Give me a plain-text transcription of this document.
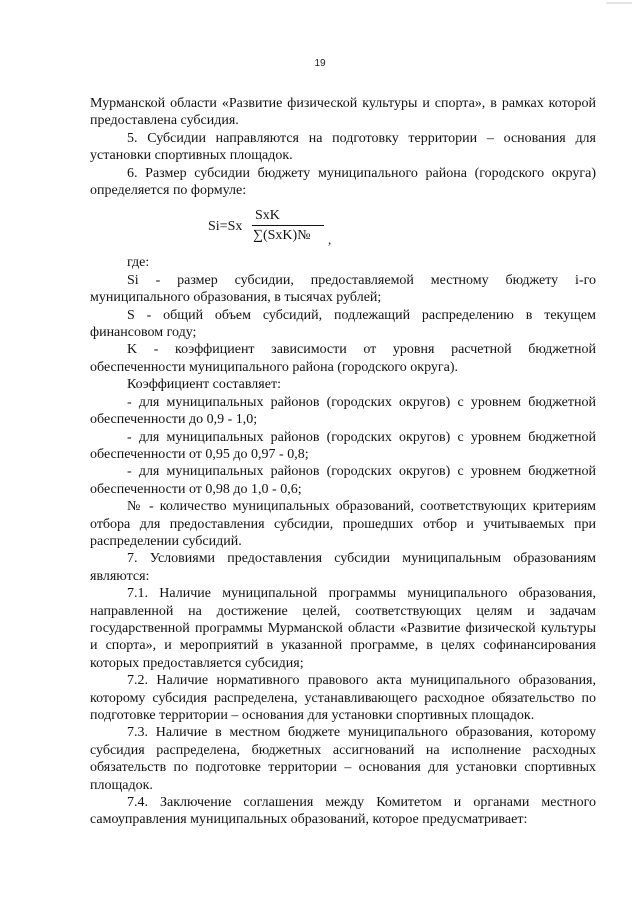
19

Мурманской области «Развитие физической культуры и спорта», в рамках которой предоставлена субсидия.

5. Субсидии направляются на подготовку территории – основания для установки спортивных площадок.

6. Размер субсидии бюджету муниципального района (городского округа) определяется по формуле:

Si=Sx
SxK
∑(SxK)№ ,

где:

Si - размер субсидии, предоставляемой местному бюджету i-го муниципального образования, в тысячах рублей;

S - общий объем субсидий, подлежащий распределению в текущем финансовом году;

K - коэффициент зависимости от уровня расчетной бюджетной обеспеченности муниципального района (городского округа).

Коэффициент составляет:

- для муниципальных районов (городских округов) с уровнем бюджетной обеспеченности до 0,9 - 1,0;

- для муниципальных районов (городских округов) с уровнем бюджетной обеспеченности от 0,95 до 0,97 - 0,8;

- для муниципальных районов (городских округов) с уровнем бюджетной обеспеченности от 0,98 до 1,0 - 0,6;

№ - количество муниципальных образований, соответствующих критериям отбора для предоставления субсидии, прошедших отбор и учитываемых при распределении субсидий.

7. Условиями предоставления субсидии муниципальным образованиям являются:

7.1. Наличие муниципальной программы муниципального образования, направленной на достижение целей, соответствующих целям и задачам государственной программы Мурманской области «Развитие физической культуры и спорта», и мероприятий в указанной программе, в целях софинансирования которых предоставляется субсидия;

7.2. Наличие нормативного правового акта муниципального образования, которому субсидия распределена, устанавливающего расходное обязательство по подготовке территории – основания для установки спортивных площадок.

7.3. Наличие в местном бюджете муниципального образования, которому субсидия распределена, бюджетных ассигнований на исполнение расходных обязательств по подготовке территории – основания для установки спортивных площадок.

7.4. Заключение соглашения между Комитетом и органами местного самоуправления муниципальных образований, которое предусматривает:
